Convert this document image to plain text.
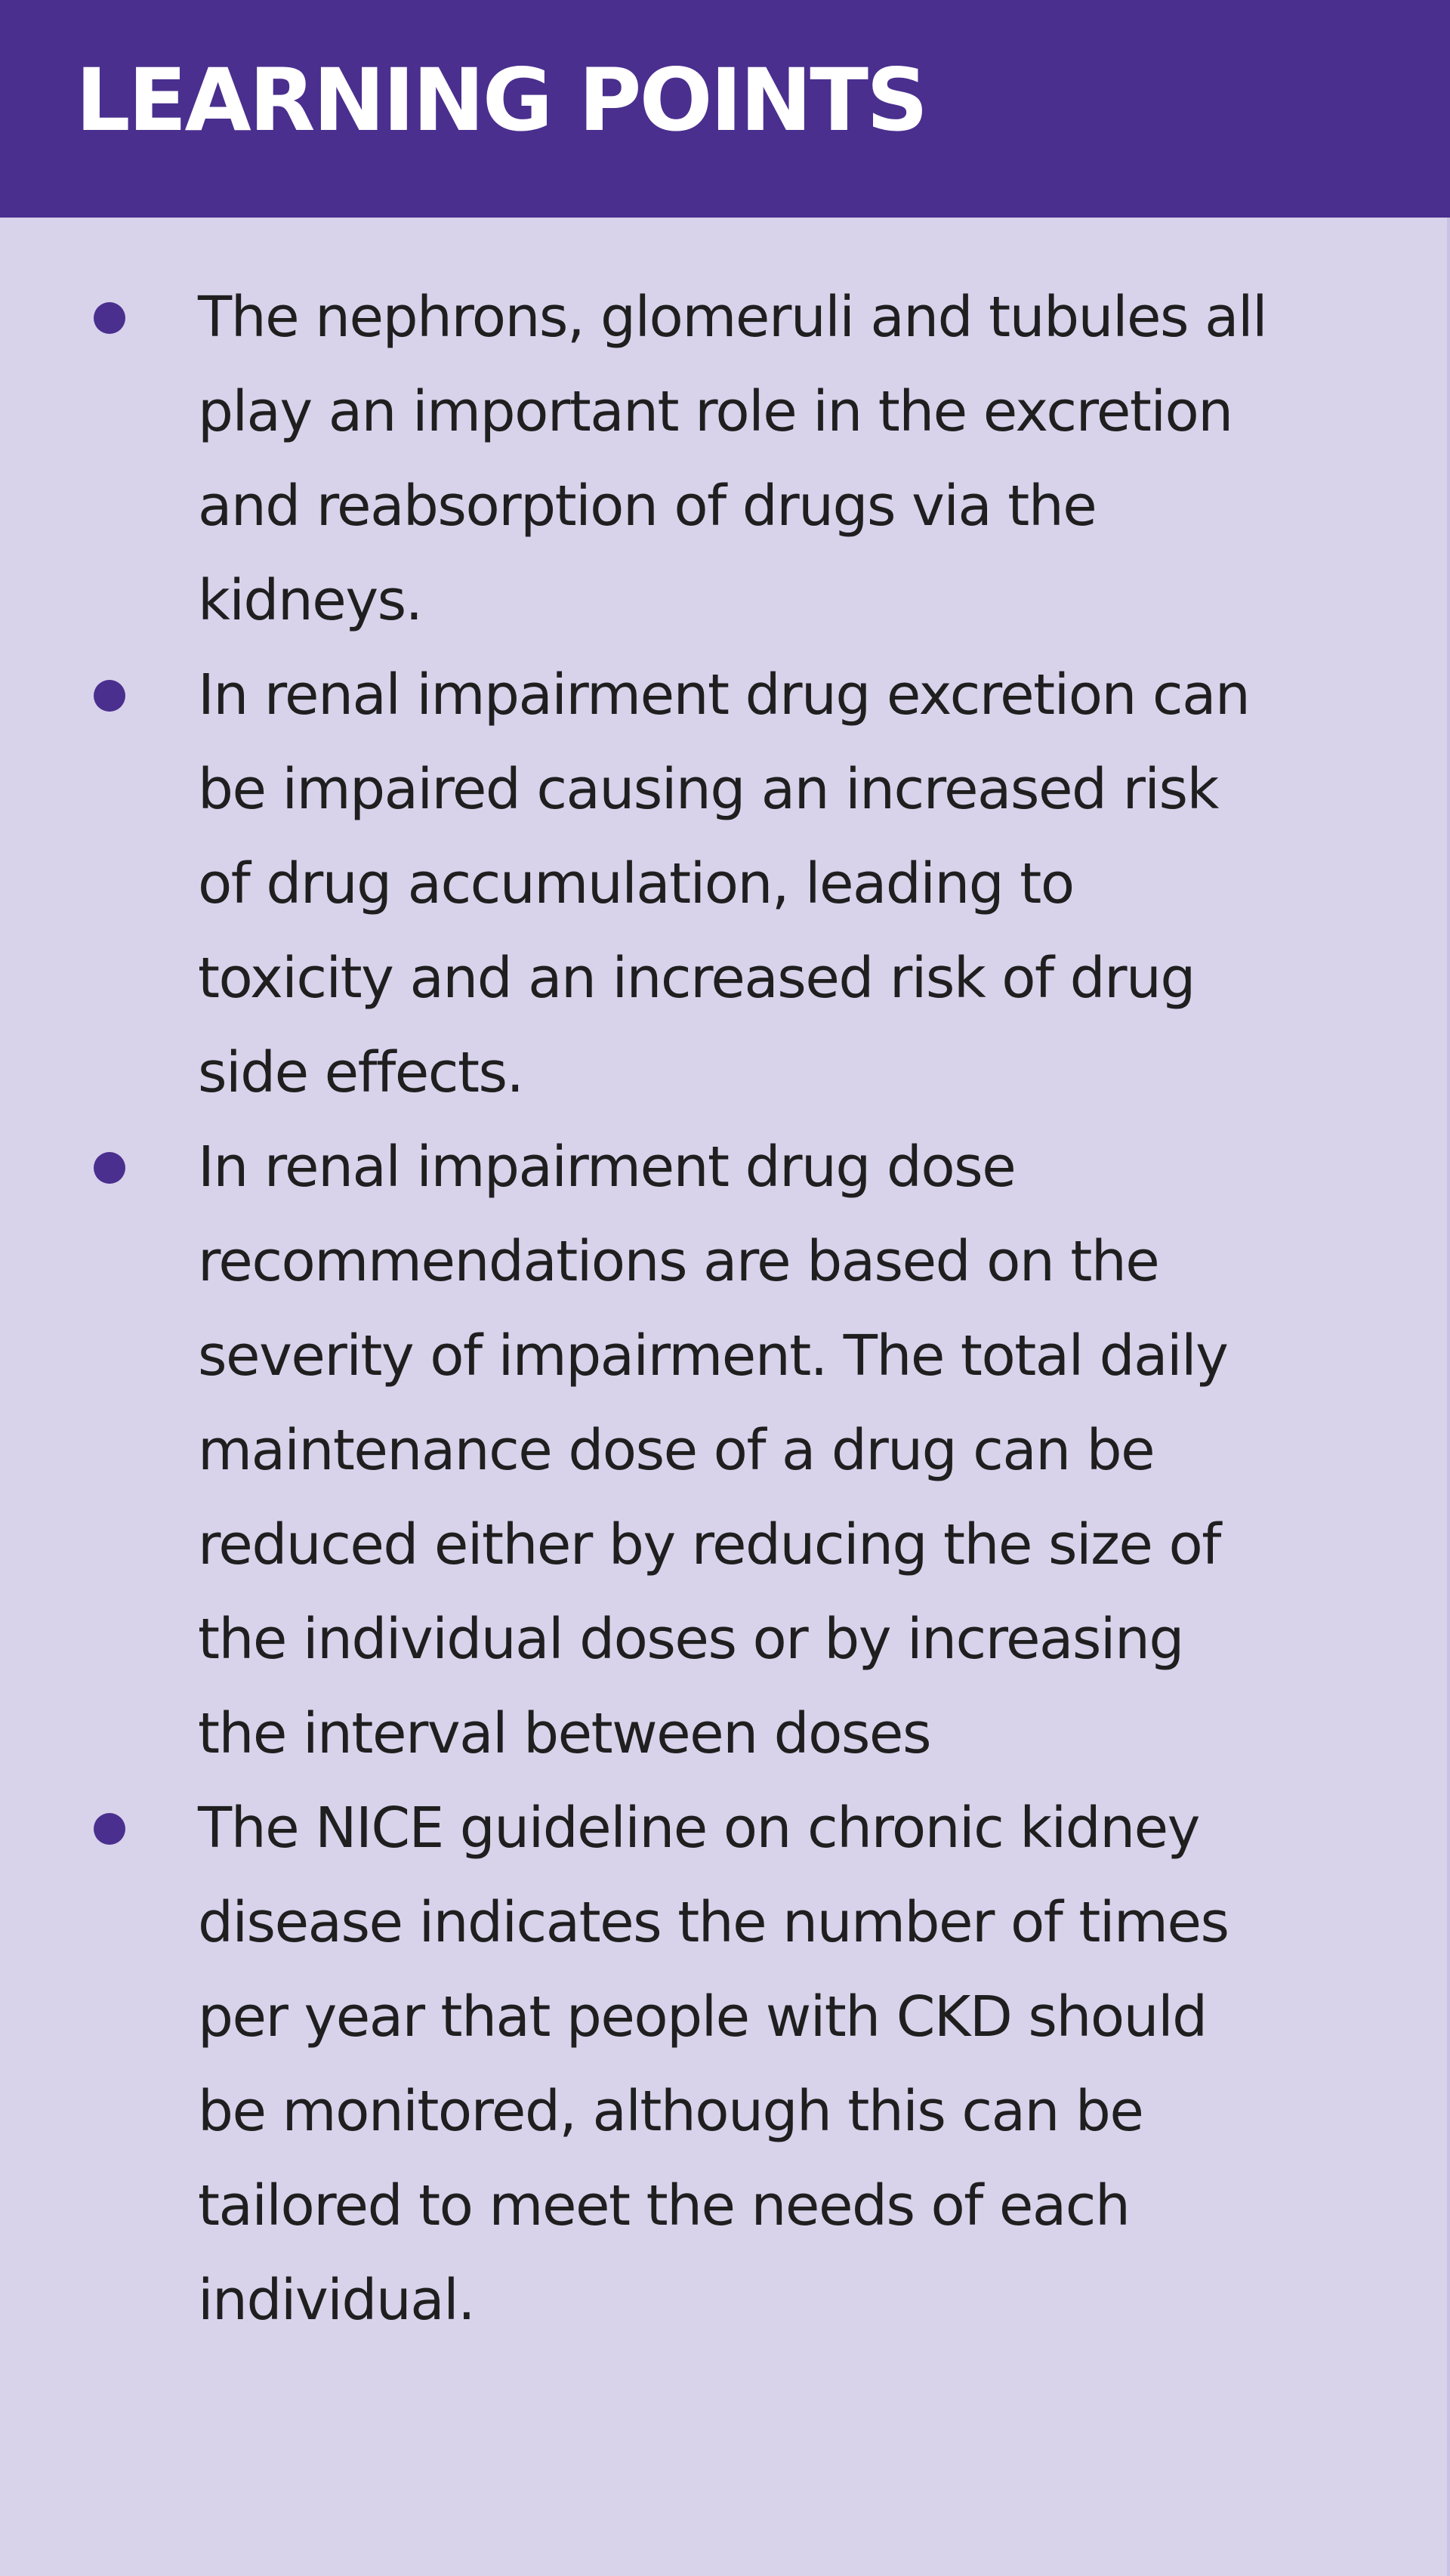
LEARNING POINTS
The nephrons, glomeruli and tubules all
play an important role in the excretion
and reabsorption of drugs via the
kidneys.
In renal impairment drug excretion can
be impaired causing an increased risk
of drug accumulation, leading to
toxicity and an increased risk of drug
side effects.
In renal impairment drug dose
recommendations are based on the
severity of impairment. The total daily
maintenance dose of a drug can be
reduced either by reducing the size of
the individual doses or by increasing
the interval between doses
The NICE guideline on chronic kidney
disease indicates the number of times
per year that people with CKD should
be monitored, although this can be
tailored to meet the needs of each
individual.
